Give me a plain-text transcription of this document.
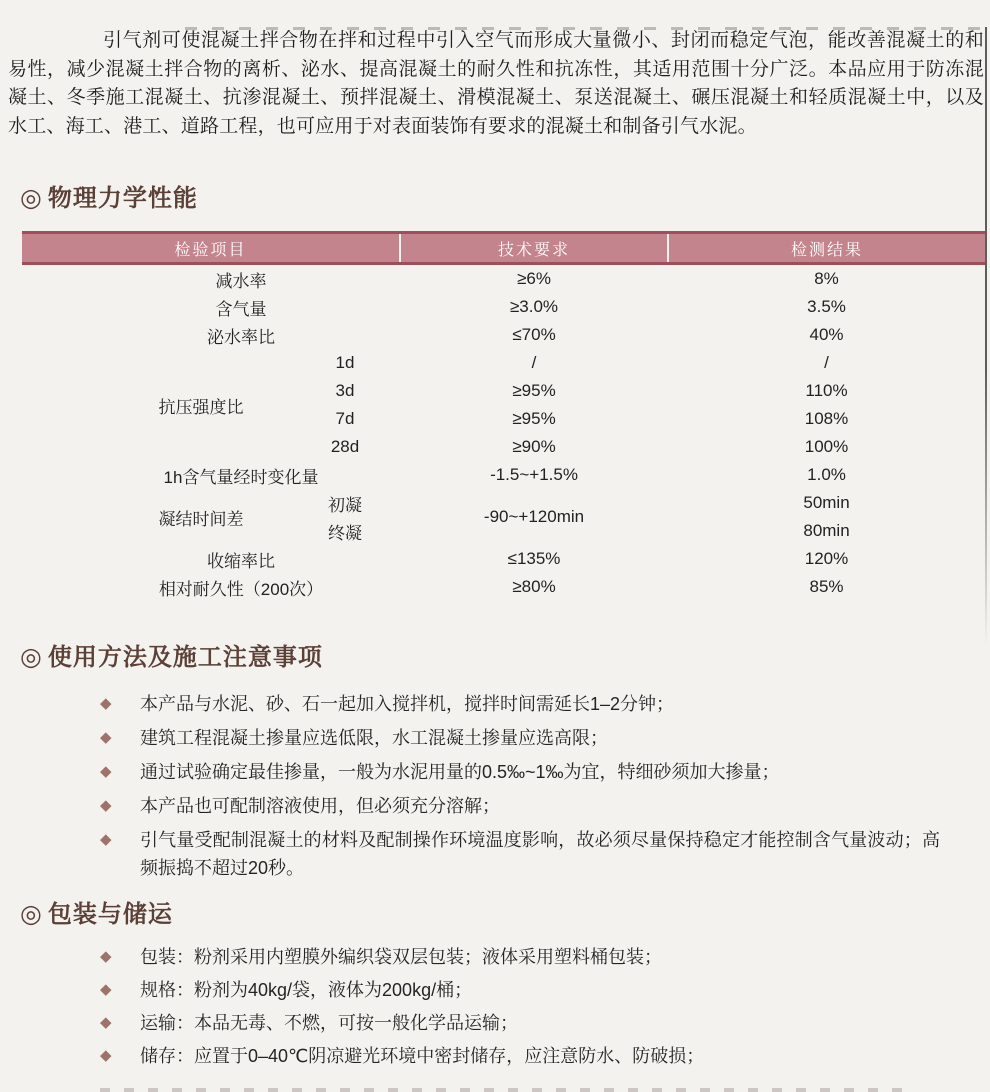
引气剂可使混凝土拌合物在拌和过程中引入空气而形成大量微小、封闭而稳定气泡，能改善混凝土的和易性，减少混凝土拌合物的离析、泌水、提高混凝土的耐久性和抗冻性，其适用范围十分广泛。本品应用于防冻混凝土、冬季施工混凝土、抗渗混凝土、预拌混凝土、滑模混凝土、泵送混凝土、碾压混凝土和轻质混凝土中，以及水工、海工、港工、道路工程，也可应用于对表面装饰有要求的混凝土和制备引气水泥。

◎ 物理力学性能
检验项目		技术要求	检测结果
减水率		≥6%	8%
含气量		≥3.0%	3.5%
泌水率比		≤70%	40%
抗压强度比	1d	/	/
	3d	≥95%	110%
	7d	≥95%	108%
	28d	≥90%	100%
1h含气量经时变化量		-1.5~+1.5%	1.0%
凝结时间差	初凝	-90~+120min	50min
	终凝		80min
收缩率比		≤135%	120%
相对耐久性（200次）		≥80%	85%
◎ 使用方法及施工注意事项
◆	本产品与水泥、砂、石一起加入搅拌机，搅拌时间需延长1–2分钟；
◆	建筑工程混凝土掺量应选低限，水工混凝土掺量应选高限；
◆	通过试验确定最佳掺量，一般为水泥用量的0.5‰~1‰为宜，特细砂须加大掺量；
◆	本产品也可配制溶液使用，但必须充分溶解；
◆	引气量受配制混凝土的材料及配制操作环境温度影响，故必须尽量保持稳定才能控制含气量波动；高频振捣不超过20秒。
◎ 包装与储运
◆	包装：粉剂采用内塑膜外编织袋双层包装；液体采用塑料桶包装；
◆	规格：粉剂为40kg/袋，液体为200kg/桶；
◆	运输：本品无毒、不燃，可按一般化学品运输；
◆	储存：应置于0–40℃阴凉避光环境中密封储存，应注意防水、防破损；
